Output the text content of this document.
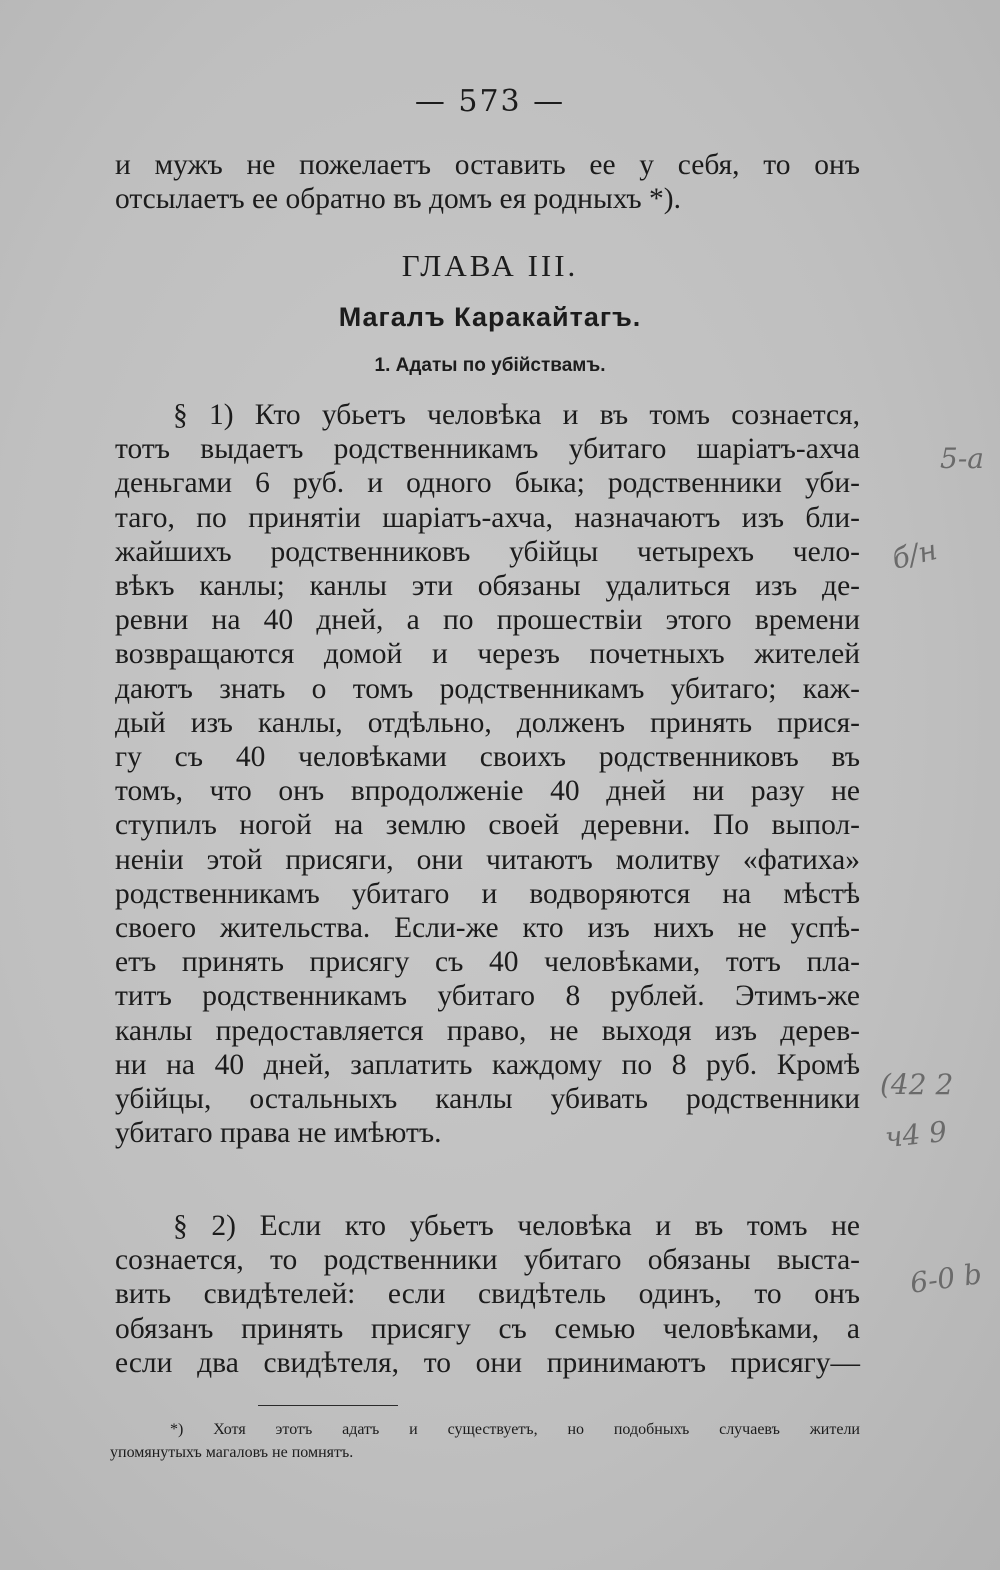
— 573 —
и мужъ не пожелаетъ оставить ее у себя, то онъ
отсылаетъ ее обратно въ домъ ея родныхъ *).
ГЛАВА III.
Магалъ Каракайтагъ.
1. Адаты по убійствамъ.
§ 1) Кто убьетъ человѣка и въ томъ сознается,
тотъ выдаетъ родственникамъ убитаго шаріатъ-ахча
деньгами 6 руб. и одного быка; родственники уби-
таго, по принятіи шаріатъ-ахча, назначаютъ изъ бли-
жайшихъ родственниковъ убійцы четырехъ чело-
вѣкъ канлы; канлы эти обязаны удалиться изъ де-
ревни на 40 дней, а по прошествіи этого времени
возвращаются домой и черезъ почетныхъ жителей
даютъ знать о томъ родственникамъ убитаго; каж-
дый изъ канлы, отдѣльно, долженъ принять прися-
гу съ 40 человѣками своихъ родственниковъ въ
томъ, что онъ впродолженіе 40 дней ни разу не
ступилъ ногой на землю своей деревни. По выпол-
неніи этой присяги, они читаютъ молитву «фатиха»
родственникамъ убитаго и водворяются на мѣстѣ
своего жительства. Если-же кто изъ нихъ не успѣ-
етъ принять присягу съ 40 человѣками, тотъ пла-
титъ родственникамъ убитаго 8 рублей. Этимъ-же
канлы предоставляется право, не выходя изъ дерев-
ни на 40 дней, заплатить каждому по 8 руб. Кромѣ
убійцы, остальныхъ канлы убивать родственники
убитаго права не имѣютъ.
§ 2) Если кто убьетъ человѣка и въ томъ не
сознается, то родственники убитаго обязаны выста-
вить свидѣтелей: если свидѣтель одинъ, то онъ
обязанъ принять присягу съ семью человѣками, а
если два свидѣтеля, то они принимаютъ присягу—
*) Хотя этотъ адатъ и существуетъ, но подобныхъ случаевъ жители
упомянутыхъ магаловъ не помнятъ.
5-a
б/н
(42 2
ч4 9
6-0 b
